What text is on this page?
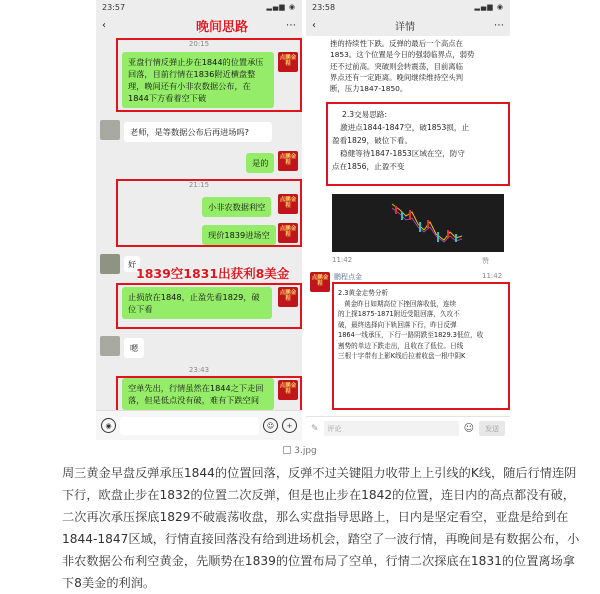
23:57	▂▄▆ ◉
‹	⋯
晚间思路
20:15
亚盘行情反弹止步在1844的位置承压回落，目前行情在1836附近横盘整理，晚间还有小非农数据公布，在1844下方看着空下破
点鹏金程
老师，是等数据公布后再进场吗?
是的
点鹏金程
21:15
小非农数据利空
点鹏金程
现价1839进场空
点鹏金程
好
1839空1831出获利8美金
止损放在1848，止盈先看1829，破位下看
点鹏金程
嗯
23:43
空单先出，行情虽然在1844之下走回落，但是低点没有破，难有下跌空间
点鹏金程
◉	☺	+
23:58	▂▄▆ ◉
‹	详情	⋯
挫的持续性下跌。反弹的最后一个高点在
1853。这个位置是今日的强弱临界点，弱势
还不过前高。突破则会转震荡，目前离临
界点还有一定距离。晚间继续维持空头判
断，压力1847-1850。
2.3交易思路:
激进点1844-1847空，破1853损，止
盈看1829，破位下看。
稳健等待1847-1853区域在空，防守
点在1856，止盈不变
11:42	赞
点鹏金程
鹏程点金	11:42
2.3黄金走势分析
黄金昨日如期高位下挫回落收低，连续
的上探1875-1871附近受阻回落，久攻不
破，最终选择向下轨回落下行，昨日反弹
1864一线承压，下行一路阴跌至1829.3低位，收
割势的单边下跌走出，且收在了低位。日线
三根十字带有上影K线后拉着收盘一根中阴K
✎	评论	☺	发送
3.jpg
周三黄金早盘反弹承压1844的位置回落，反弹不过关键阻力收带上上引线的K线，随后行情连阴下行，欧盘止步在1832的位置二次反弹，但是也止步在1842的位置，连日内的高点都没有破，二次再次承压探底1829不破震荡收盘，那么实盘指导思路上，日内是坚定看空，亚盘是给到在1844-1847区域，行情直接回落没有给到进场机会，踏空了一波行情，再晚间是有数据公布，小非农数据公布利空黄金，先顺势在1839的位置布局了空单，行情二次探底在1831的位置离场拿下8美金的利润。
